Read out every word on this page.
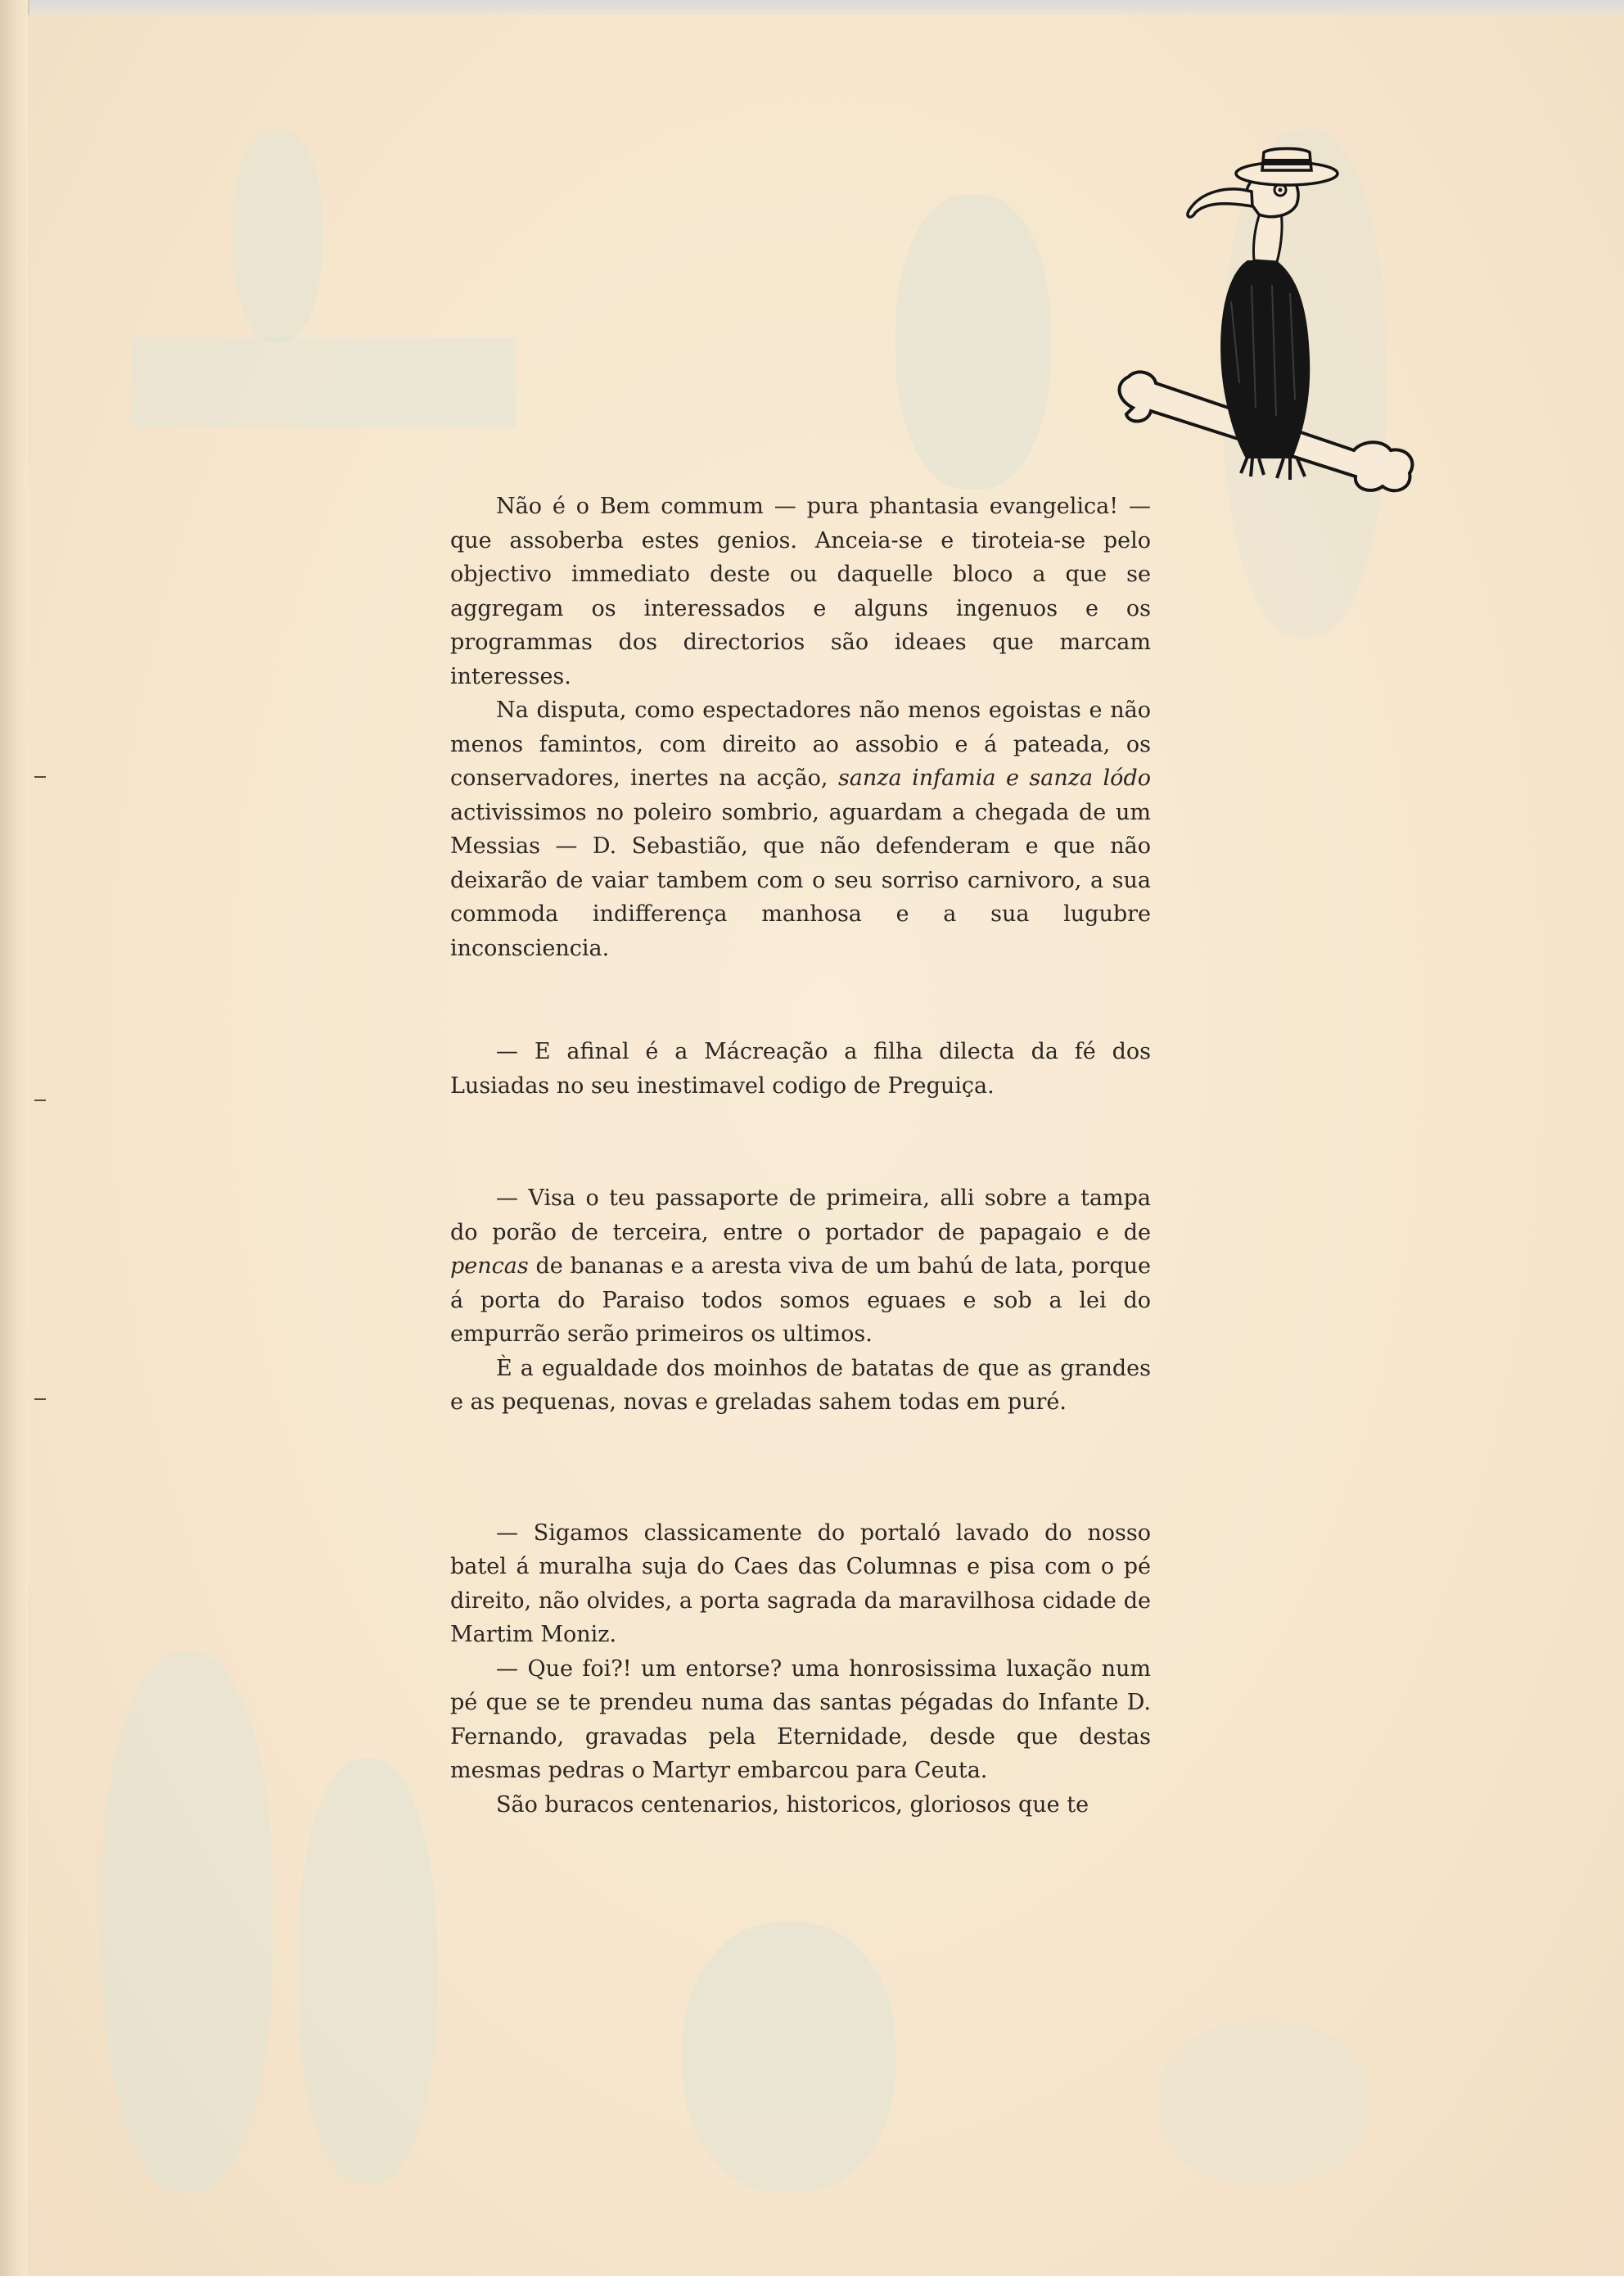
Não é o Bem commum — pura phantasia evangelica! — que assoberba estes genios. Anceia-se e tiroteia-se pelo objectivo immediato deste ou daquelle bloco a que se aggregam os interessados e alguns ingenuos e os programmas dos directorios são ideaes que marcam interesses.

Na disputa, como espectadores não menos egoistas e não menos famintos, com direito ao assobio e á pateada, os conservadores, inertes na acção, sanza infamia e sanza lódo activissimos no poleiro sombrio, aguardam a chegada de um Messias — D. Sebastião, que não defenderam e que não deixarão de vaiar tambem com o seu sorriso carnivoro, a sua commoda indifferença manhosa e a sua lugubre inconsciencia.

— E afinal é a Mácreação a filha dilecta da fé dos Lusiadas no seu inestimavel codigo de Preguiça.

— Visa o teu passaporte de primeira, alli sobre a tampa do porão de terceira, entre o portador de papagaio e de pencas de bananas e a aresta viva de um bahú de lata, porque á porta do Paraiso todos somos eguaes e sob a lei do empurrão serão primeiros os ultimos.

È a egualdade dos moinhos de batatas de que as grandes e as pequenas, novas e greladas sahem todas em puré.

— Sigamos classicamente do portaló lavado do nosso batel á muralha suja do Caes das Columnas e pisa com o pé direito, não olvides, a porta sagrada da maravilhosa cidade de Martim Moniz.

— Que foi?! um entorse? uma honrosissima luxação num pé que se te prendeu numa das santas pégadas do Infante D. Fernando, gravadas pela Eternidade, desde que destas mesmas pedras o Martyr embarcou para Ceuta.

São buracos centenarios, historicos, gloriosos que te
